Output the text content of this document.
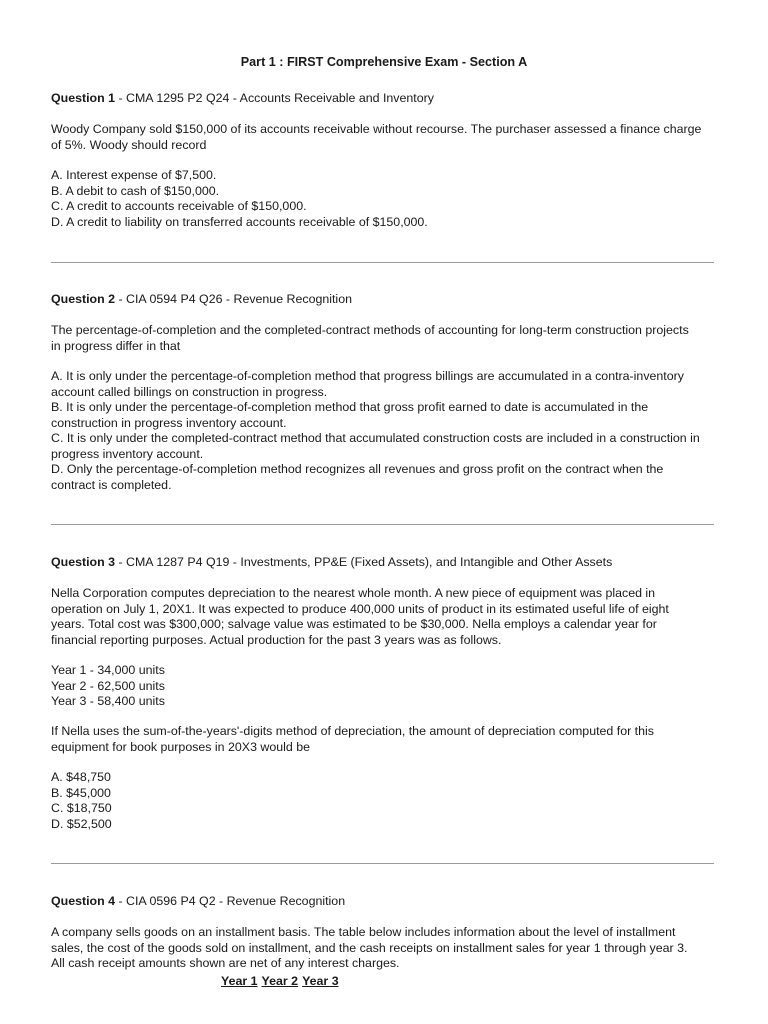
Part 1 : FIRST Comprehensive Exam - Section A
Question 1 - CMA 1295 P2 Q24 - Accounts Receivable and Inventory

Woody Company sold $150,000 of its accounts receivable without recourse. The purchaser assessed a finance charge

of 5%. Woody should record

A. Interest expense of $7,500.

B. A debit to cash of $150,000.

C. A credit to accounts receivable of $150,000.

D. A credit to liability on transferred accounts receivable of $150,000.

Question 2 - CIA 0594 P4 Q26 - Revenue Recognition

The percentage-of-completion and the completed-contract methods of accounting for long-term construction projects

in progress differ in that

A. It is only under the percentage-of-completion method that progress billings are accumulated in a contra-inventory

account called billings on construction in progress.

B. It is only under the percentage-of-completion method that gross profit earned to date is accumulated in the

construction in progress inventory account.

C. It is only under the completed-contract method that accumulated construction costs are included in a construction in

progress inventory account.

D. Only the percentage-of-completion method recognizes all revenues and gross profit on the contract when the

contract is completed.

Question 3 - CMA 1287 P4 Q19 - Investments, PP&E (Fixed Assets), and Intangible and Other Assets

Nella Corporation computes depreciation to the nearest whole month. A new piece of equipment was placed in

operation on July 1, 20X1. It was expected to produce 400,000 units of product in its estimated useful life of eight

years. Total cost was $300,000; salvage value was estimated to be $30,000. Nella employs a calendar year for

financial reporting purposes. Actual production for the past 3 years was as follows.

Year 1 - 34,000 units

Year 2 - 62,500 units

Year 3 - 58,400 units

If Nella uses the sum-of-the-years'-digits method of depreciation, the amount of depreciation computed for this

equipment for book purposes in 20X3 would be

A. $48,750

B. $45,000

C. $18,750

D. $52,500

Question 4 - CIA 0596 P4 Q2 - Revenue Recognition

A company sells goods on an installment basis. The table below includes information about the level of installment

sales, the cost of the goods sold on installment, and the cash receipts on installment sales for year 1 through year 3.

All cash receipt amounts shown are net of any interest charges.

Year 1 Year 2 Year 3
